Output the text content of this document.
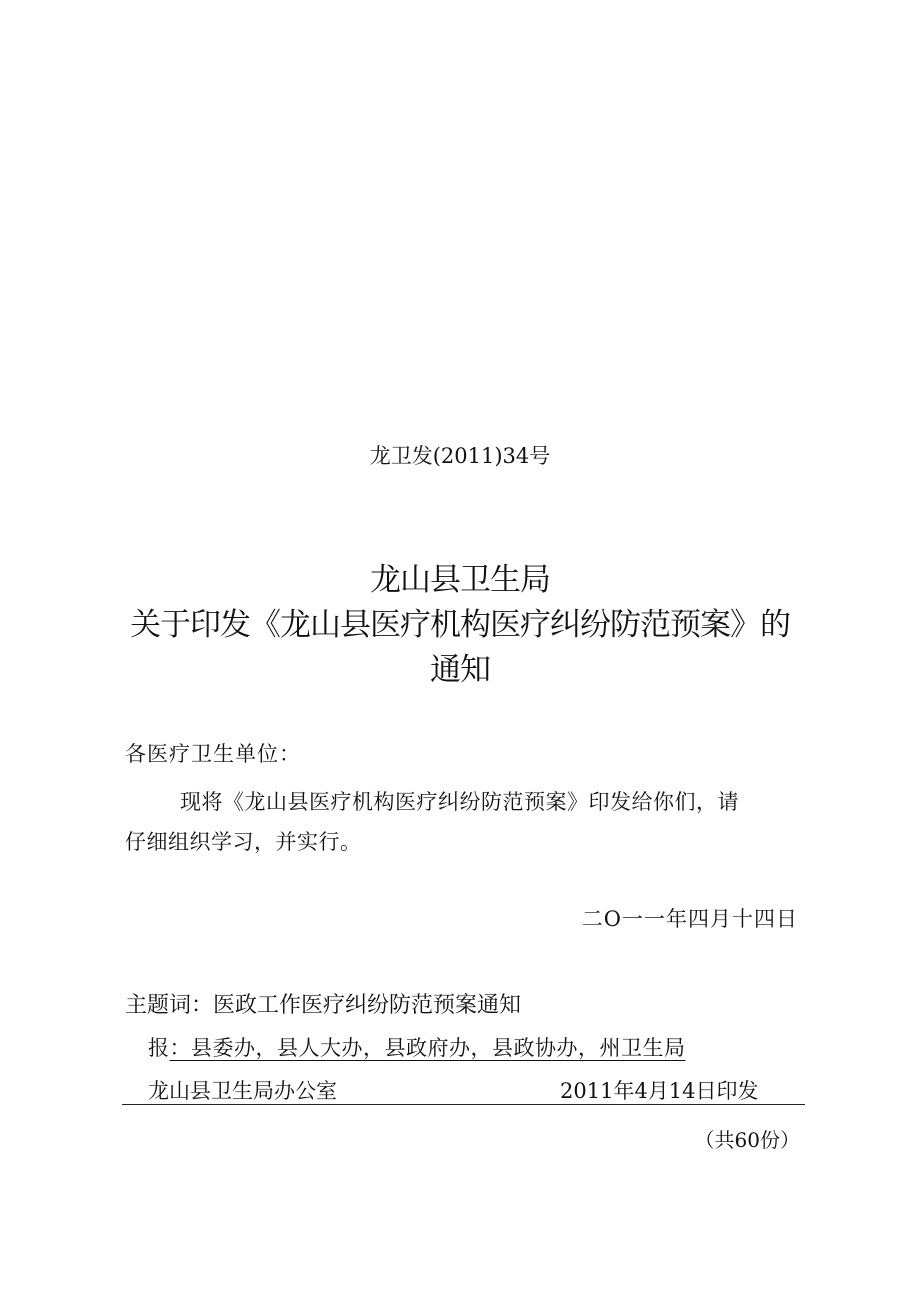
龙卫发(2011)34号
龙山县卫生局
关于印发《龙山县医疗机构医疗纠纷防范预案》的
通知
各医疗卫生单位：
现将《龙山县医疗机构医疗纠纷防范预案》印发给你们，请
仔细组织学习，并实行。
二O一一年四月十四日
主题词：医政工作医疗纠纷防范预案通知
报：县委办，县人大办，县政府办，县政协办，州卫生局
龙山县卫生局办公室	2011年4月14日印发
（共60份）
